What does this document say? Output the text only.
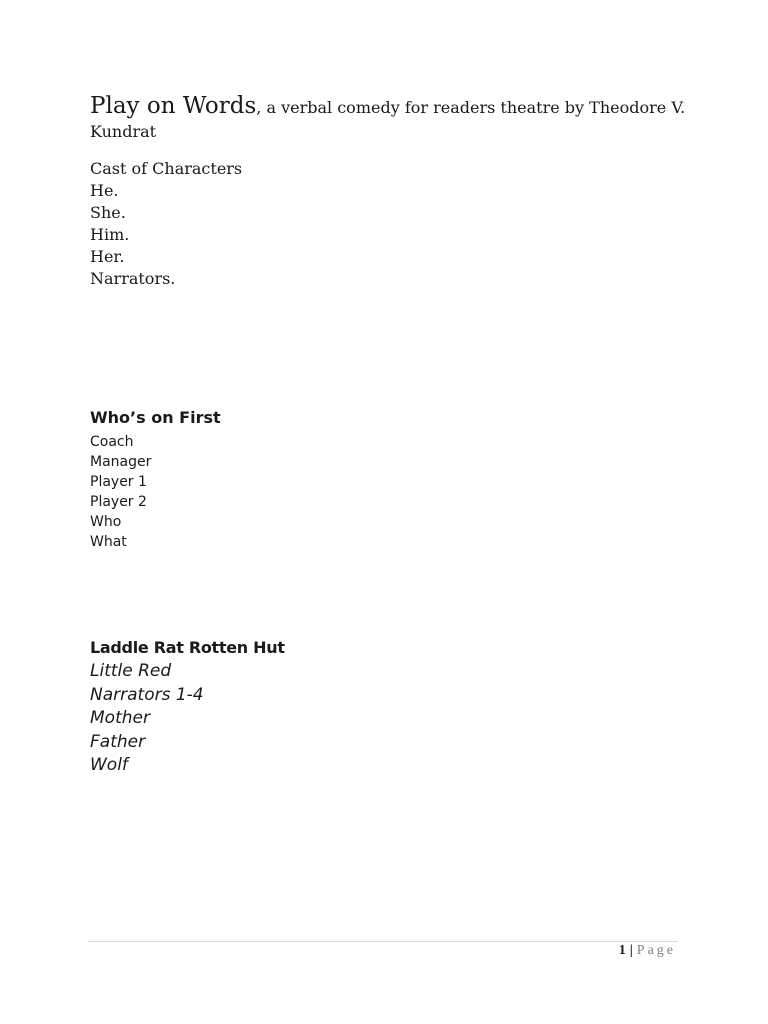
Play on Words, a verbal comedy for readers theatre by Theodore V. Kundrat
Cast of Characters
He.
She.
Him.
Her.
Narrators.
Who’s on First
Coach
Manager
Player 1
Player 2
Who
What
Laddle Rat Rotten Hut
Little Red
Narrators 1-4
Mother
Father
Wolf
1 | Page
